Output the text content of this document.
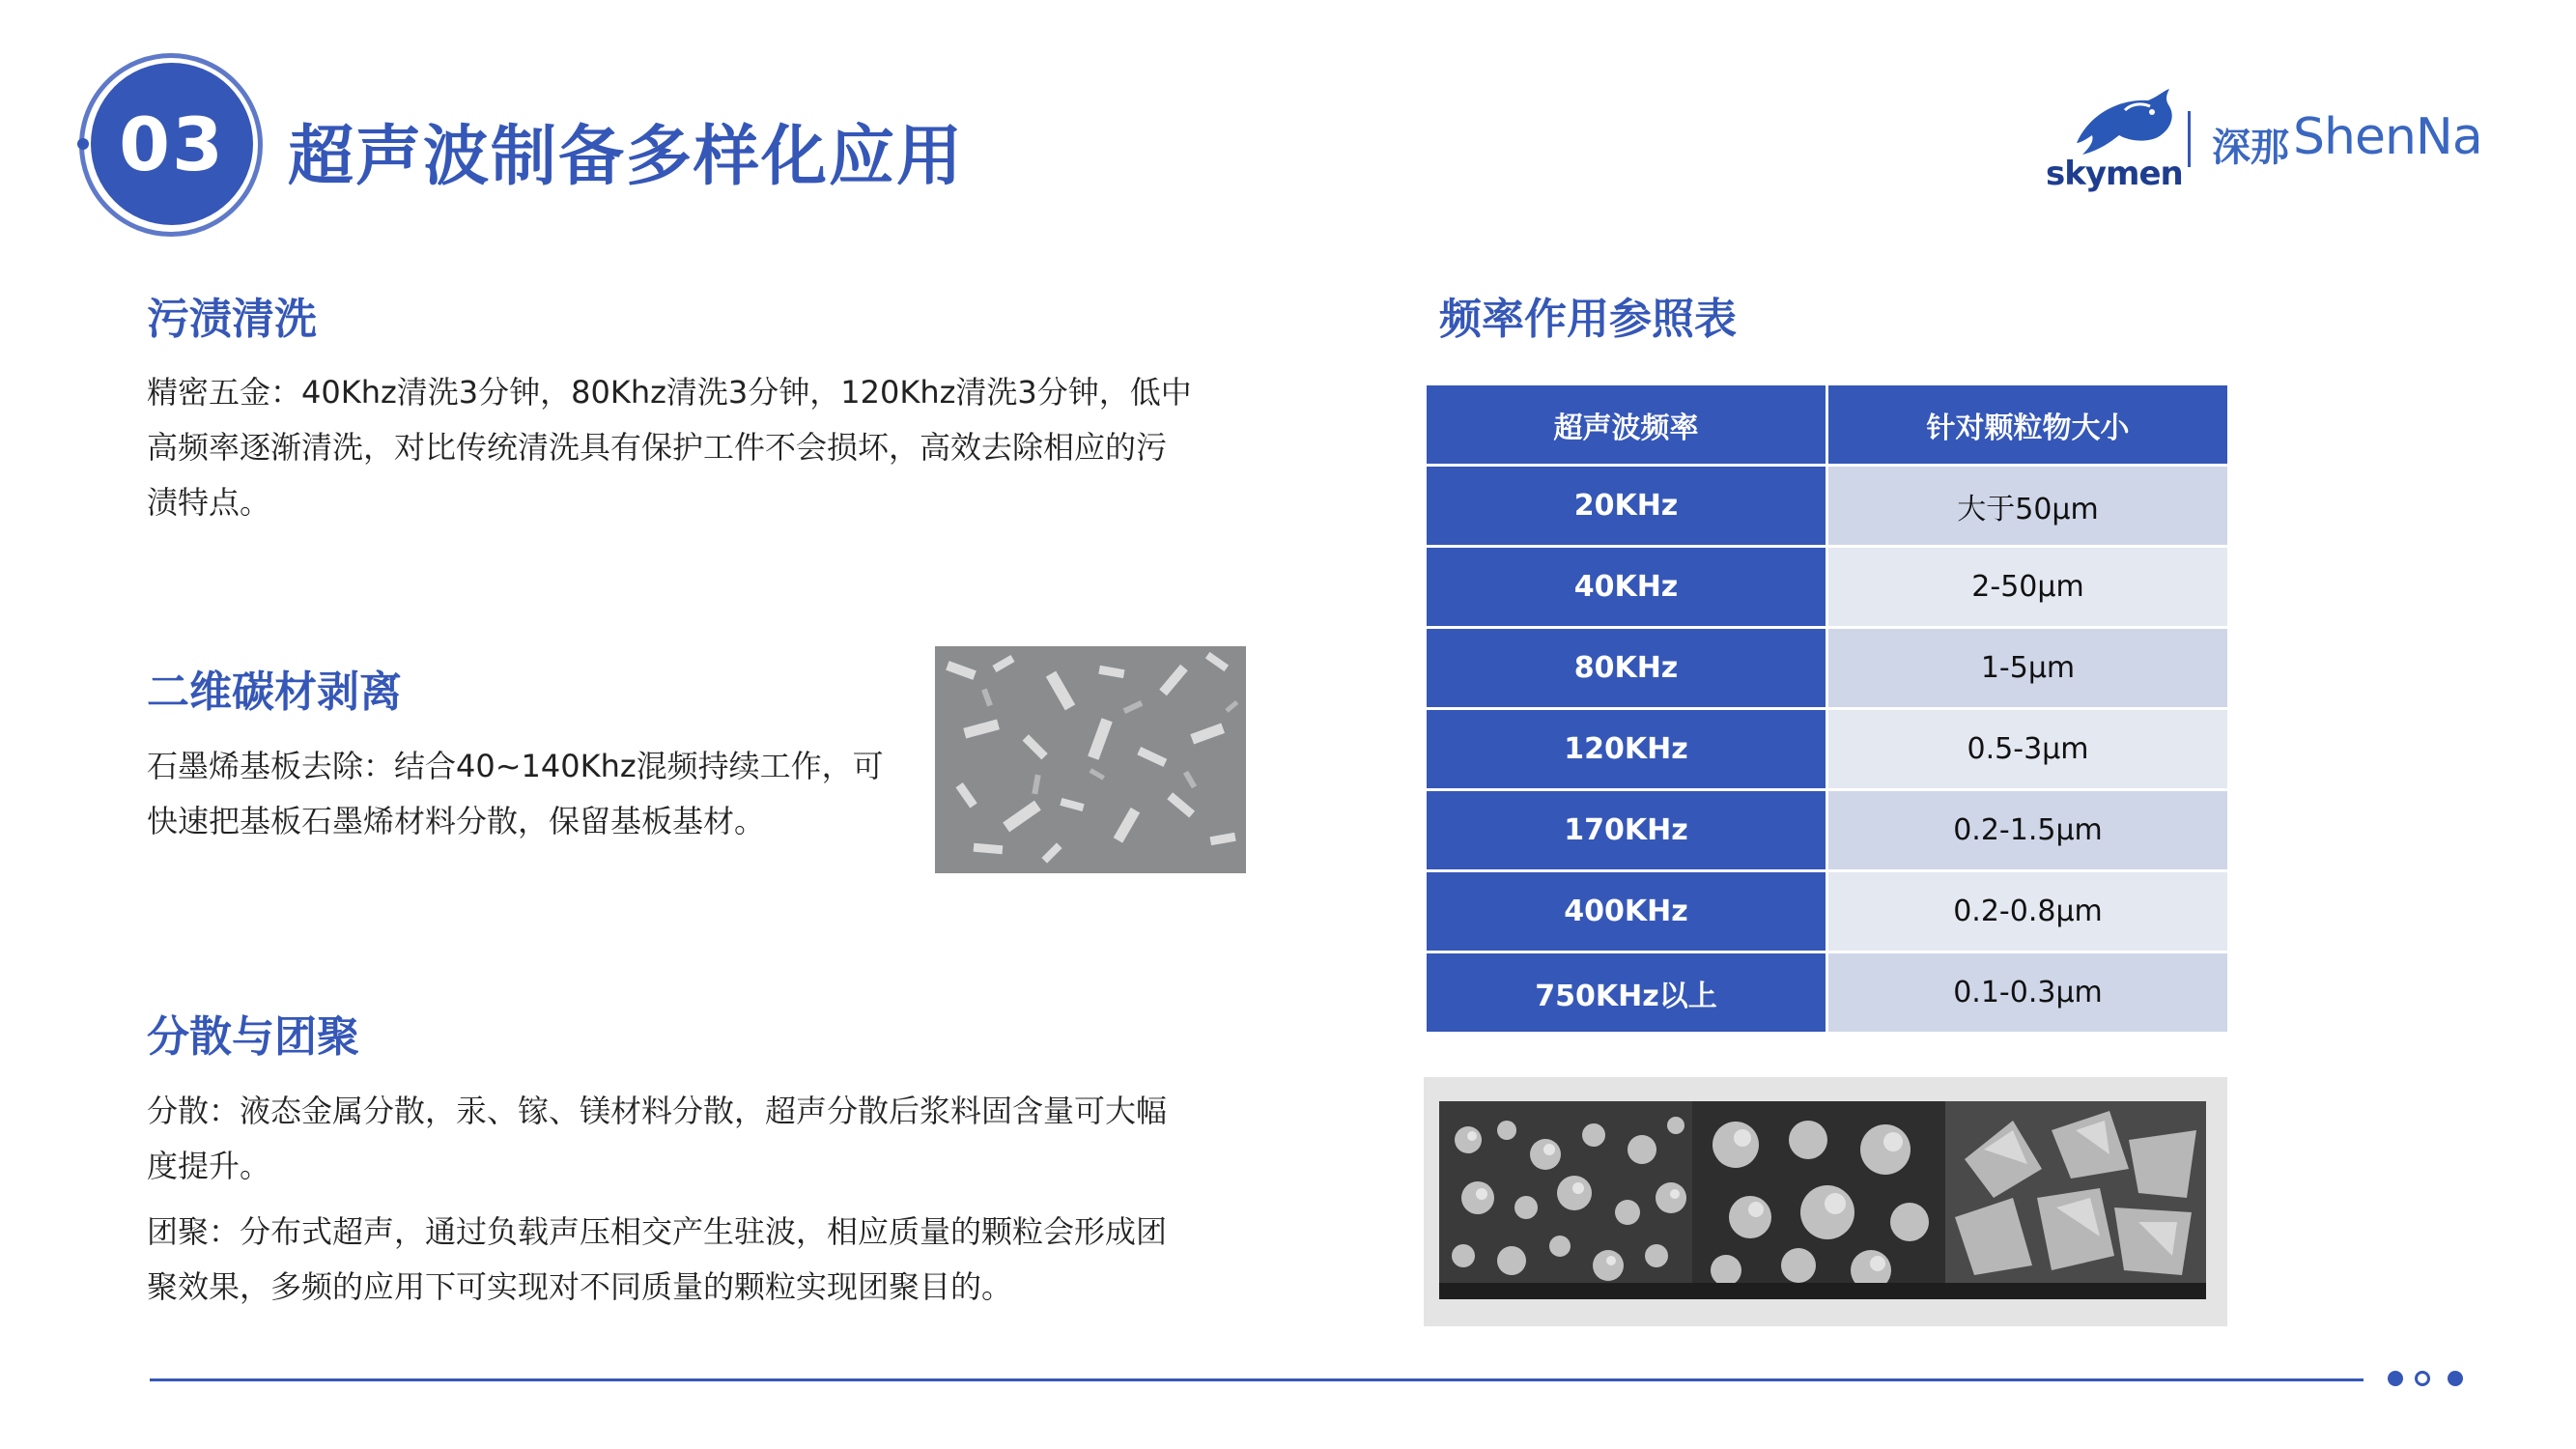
03 超声波制备多样化应用	skymen
深那 ShenNa
污渍清洗
精密五金：40Khz清洗3分钟，80Khz清洗3分钟，120Khz清洗3分钟，低中
高频率逐渐清洗，对比传统清洗具有保护工件不会损坏，高效去除相应的污
渍特点。
二维碳材剥离
石墨烯基板去除：结合40~140Khz混频持续工作，可
快速把基板石墨烯材料分散，保留基板基材。
分散与团聚
分散：液态金属分散，汞、镓、镁材料分散，超声分散后浆料固含量可大幅
度提升。
团聚：分布式超声，通过负载声压相交产生驻波，相应质量的颗粒会形成团
聚效果，多频的应用下可实现对不同质量的颗粒实现团聚目的。
频率作用参照表
超声波频率	针对颗粒物大小
20KHz	大于50μm
40KHz	2-50μm
80KHz	1-5μm
120KHz	0.5-3μm
170KHz	0.2-1.5μm
400KHz	0.2-0.8μm
750KHz以上	0.1-0.3μm
